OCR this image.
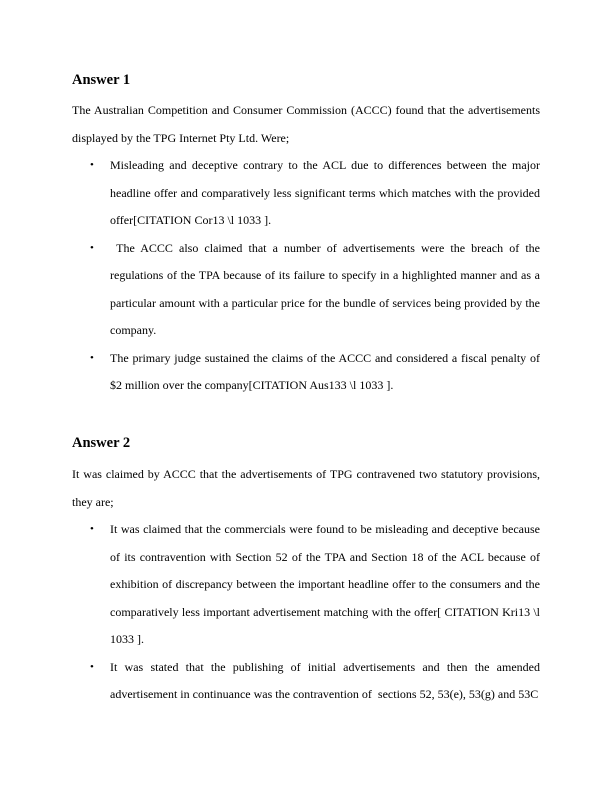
Answer 1
The Australian Competition and Consumer Commission (ACCC) found that the advertisements displayed by the TPG Internet Pty Ltd. Were;
• Misleading and deceptive contrary to the ACL due to differences between the major headline offer and comparatively less significant terms which matches with the provided offer[CITATION Cor13 \l 1033 ].
• The ACCC also claimed that a number of advertisements were the breach of the regulations of the TPA because of its failure to specify in a highlighted manner and as a particular amount with a particular price for the bundle of services being provided by the company.
• The primary judge sustained the claims of the ACCC and considered a fiscal penalty of $2 million over the company[CITATION Aus133 \l 1033 ].
Answer 2
It was claimed by ACCC that the advertisements of TPG contravened two statutory provisions, they are;
• It was claimed that the commercials were found to be misleading and deceptive because of its contravention with Section 52 of the TPA and Section 18 of the ACL because of exhibition of discrepancy between the important headline offer to the consumers and the comparatively less important advertisement matching with the offer[ CITATION Kri13 \l 1033 ].
• It was stated that the publishing of initial advertisements and then the amended advertisement in continuance was the contravention of  sections 52, 53(e), 53(g) and 53C
